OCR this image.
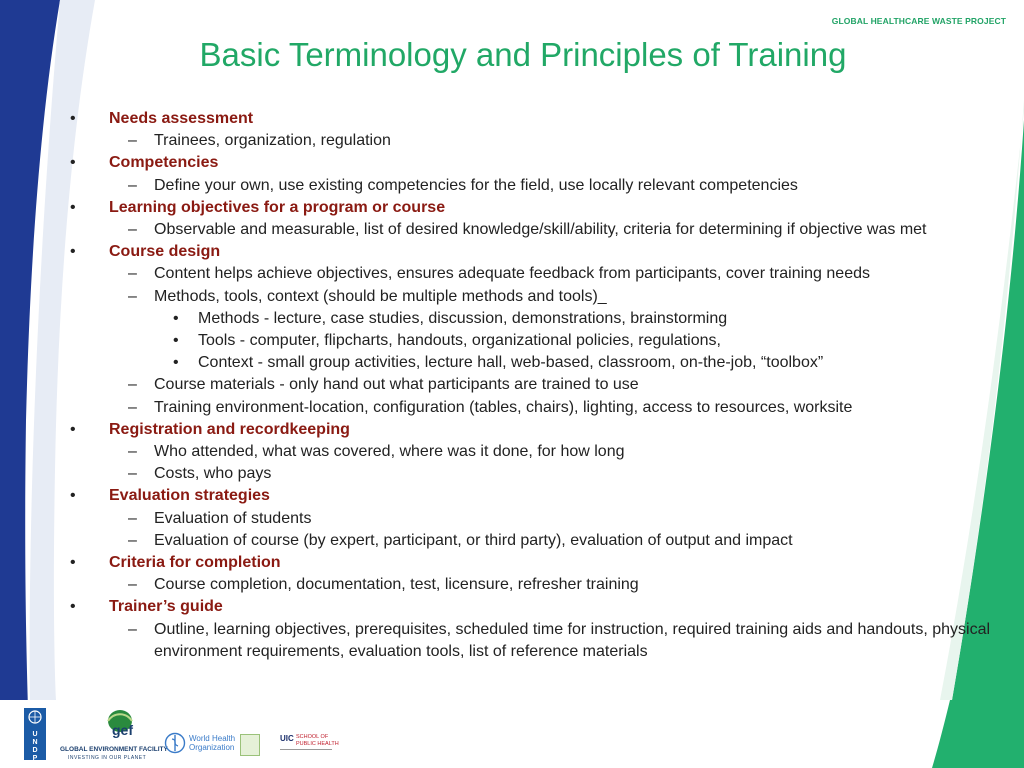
GLOBAL HEALTHCARE WASTE PROJECT
Basic Terminology and Principles of Training
• Needs assessment
– Trainees, organization, regulation
• Competencies
– Define your own, use existing competencies for the field, use locally relevant competencies
• Learning objectives for a program or course
– Observable and measurable, list of desired knowledge/skill/ability, criteria for determining if objective was met
• Course design
– Content helps achieve objectives, ensures adequate feedback from participants, cover training needs
– Methods, tools, context (should be multiple methods and tools)_
• Methods - lecture, case studies, discussion, demonstrations, brainstorming
• Tools - computer, flipcharts, handouts, organizational policies, regulations,
• Context - small group activities, lecture hall, web-based, classroom, on-the-job, “toolbox”
– Course materials - only hand out what participants are trained to use
– Training environment-location, configuration (tables, chairs), lighting, access to resources, worksite
• Registration and recordkeeping
– Who attended, what was covered, where was it done, for how long
– Costs, who pays
• Evaluation strategies
– Evaluation of students
– Evaluation of course (by expert, participant, or third party), evaluation of output and impact
• Criteria for completion
– Course completion, documentation, test, licensure, refresher training
• Trainer’s guide
– Outline, learning objectives, prerequisites, scheduled time for instruction, required training aids and handouts, physical environment requirements, evaluation tools, list of reference materials
U N D P
gef
GLOBAL ENVIRONMENT FACILITY
INVESTING IN OUR PLANET
World Health
Organization
UIC SCHOOL OF
PUBLIC HEALTH
